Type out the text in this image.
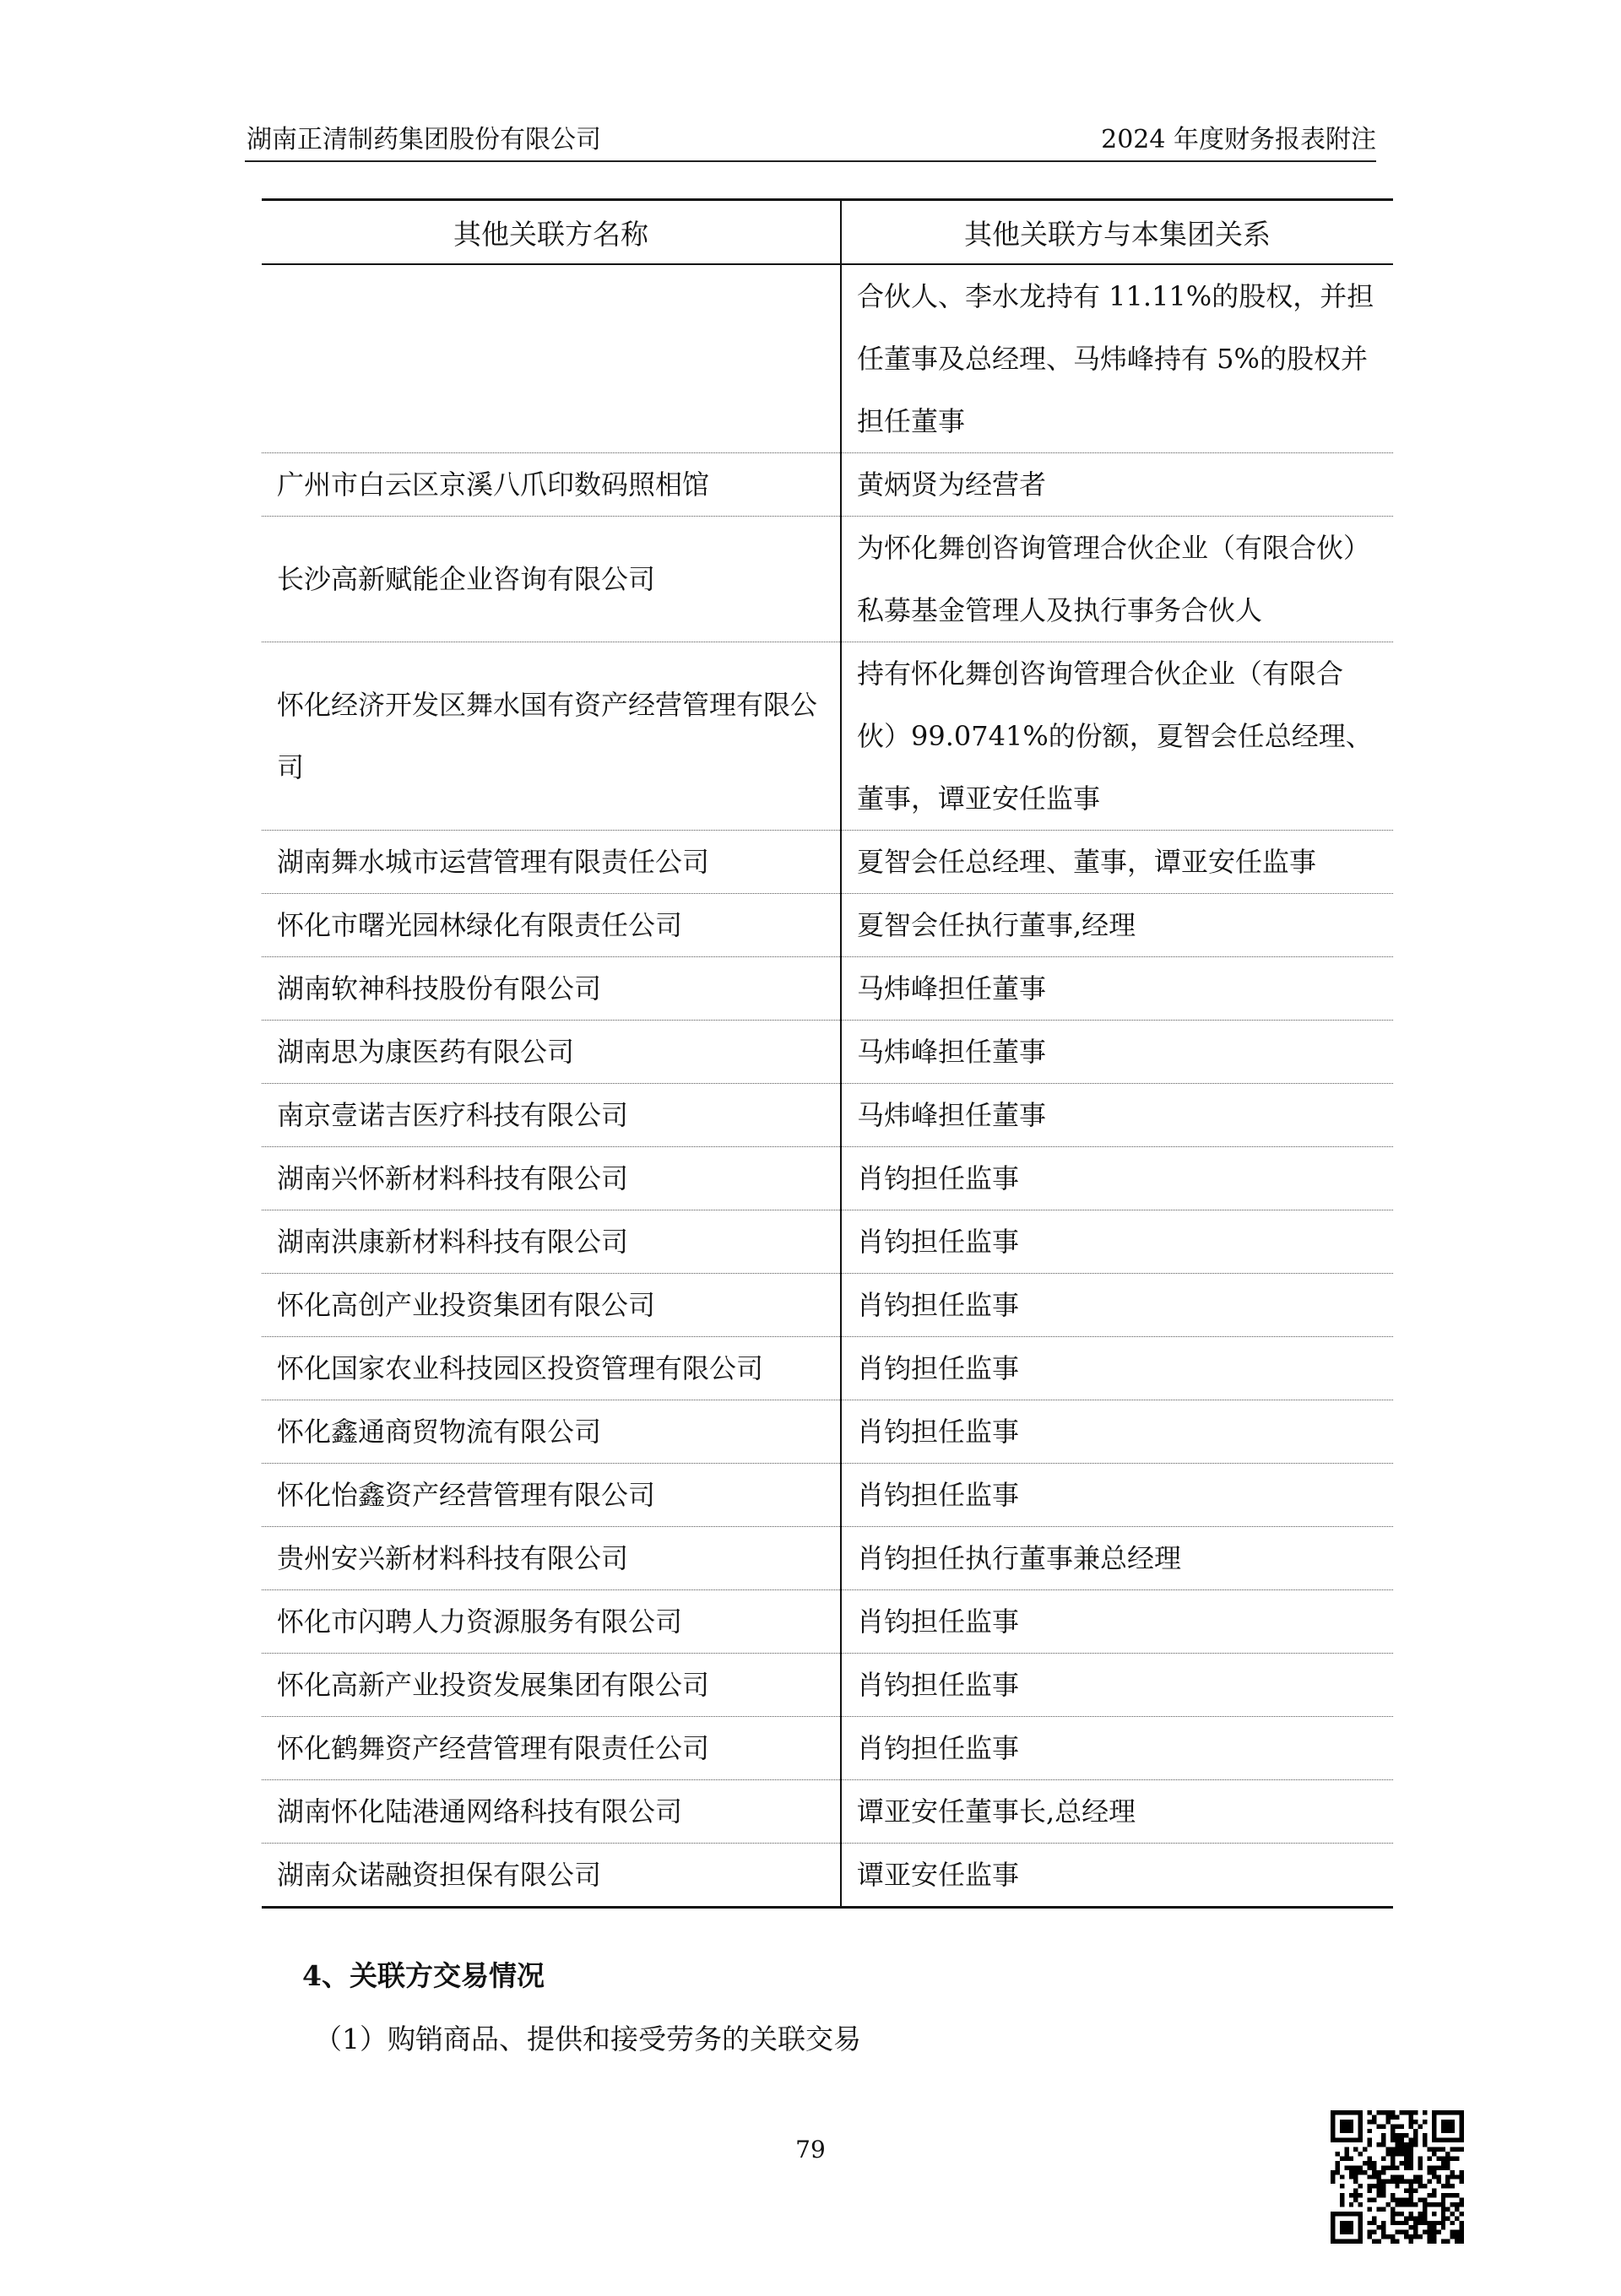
湖南正清制药集团股份有限公司	2024 年度财务报表附注
其他关联方名称	其他关联方与本集团关系
	合伙人、李水龙持有 11.11%的股权，并担任董事及总经理、马炜峰持有 5%的股权并担任董事
广州市白云区京溪八爪印数码照相馆	黄炳贤为经营者
长沙高新赋能企业咨询有限公司	为怀化舞创咨询管理合伙企业（有限合伙）私募基金管理人及执行事务合伙人
怀化经济开发区舞水国有资产经营管理有限公司	持有怀化舞创咨询管理合伙企业（有限合伙）99.0741%的份额，夏智会任总经理、董事，谭亚安任监事
湖南舞水城市运营管理有限责任公司	夏智会任总经理、董事，谭亚安任监事
怀化市曙光园林绿化有限责任公司	夏智会任执行董事,经理
湖南软神科技股份有限公司	马炜峰担任董事
湖南思为康医药有限公司	马炜峰担任董事
南京壹诺吉医疗科技有限公司	马炜峰担任董事
湖南兴怀新材料科技有限公司	肖钧担任监事
湖南洪康新材料科技有限公司	肖钧担任监事
怀化高创产业投资集团有限公司	肖钧担任监事
怀化国家农业科技园区投资管理有限公司	肖钧担任监事
怀化鑫通商贸物流有限公司	肖钧担任监事
怀化怡鑫资产经营管理有限公司	肖钧担任监事
贵州安兴新材料科技有限公司	肖钧担任执行董事兼总经理
怀化市闪聘人力资源服务有限公司	肖钧担任监事
怀化高新产业投资发展集团有限公司	肖钧担任监事
怀化鹤舞资产经营管理有限责任公司	肖钧担任监事
湖南怀化陆港通网络科技有限公司	谭亚安任董事长,总经理
湖南众诺融资担保有限公司	谭亚安任监事
4、关联方交易情况
（1）购销商品、提供和接受劳务的关联交易
79
